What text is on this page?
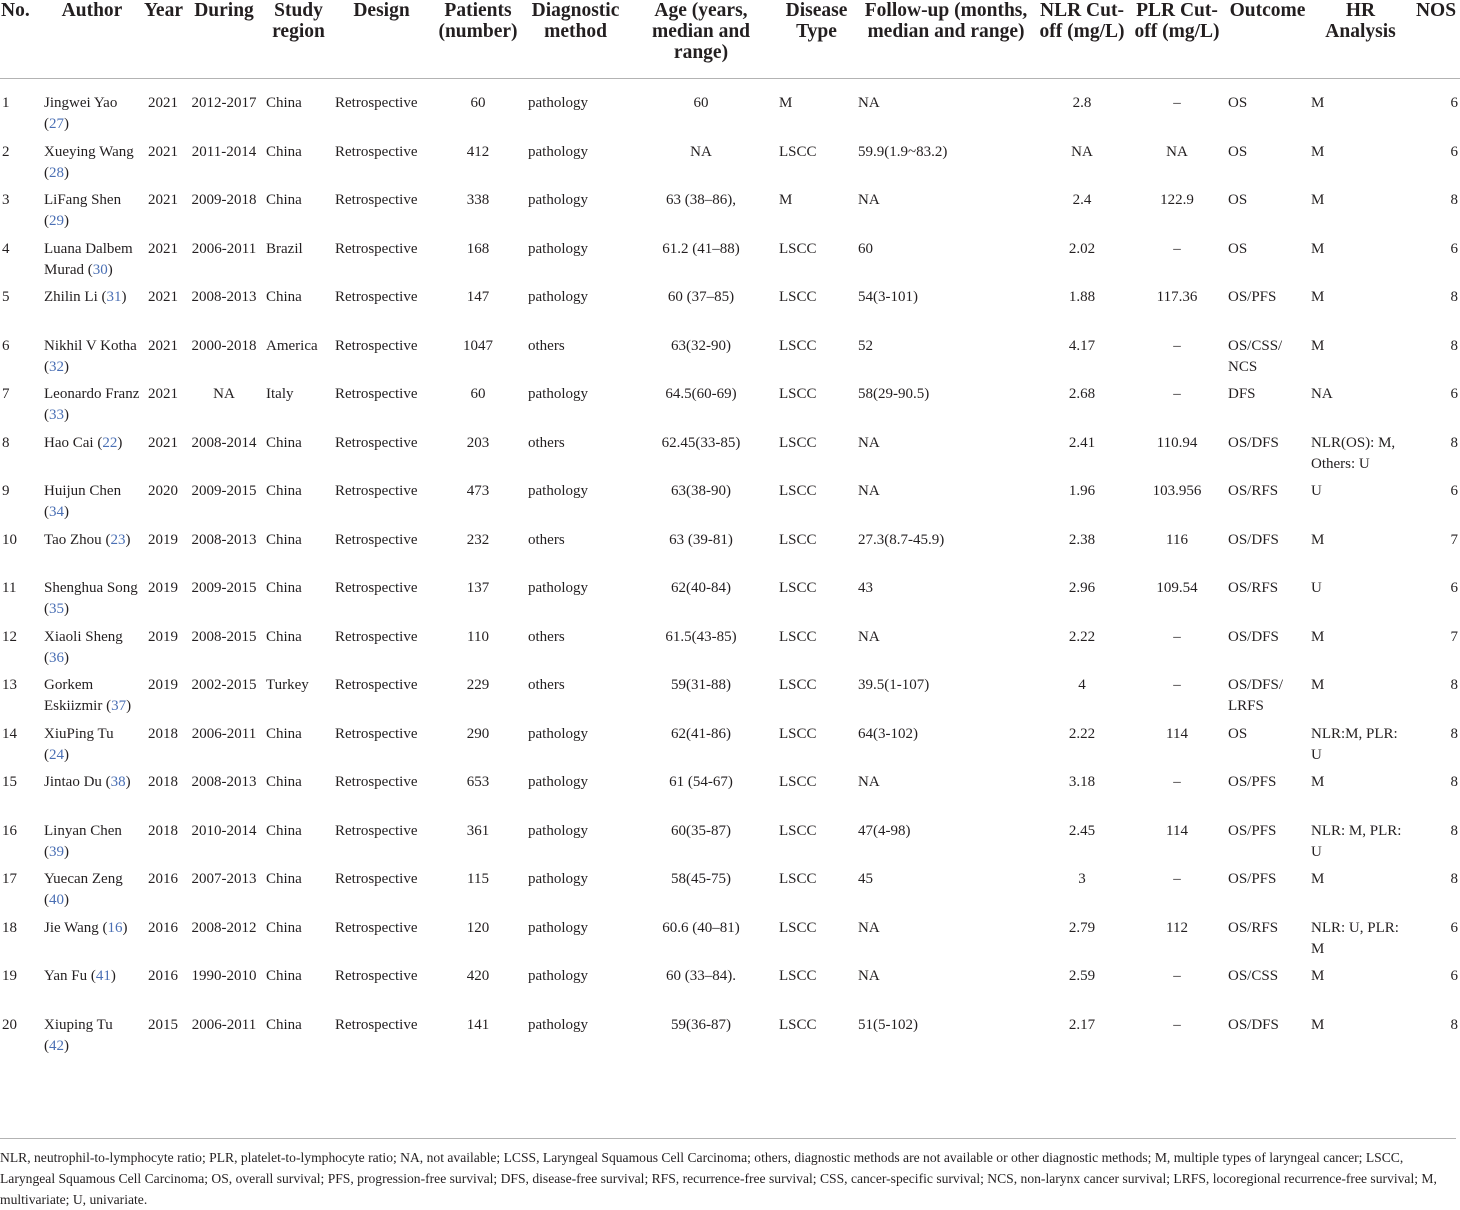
No.	Author	Year	During	Study region	Design	Patients (number)	Diagnostic method	Age (years, median and range)	Disease Type	Follow-up (months, median and range)	NLR Cut-off (mg/L)	PLR Cut-off (mg/L)	Outcome	HR Analysis	NOS
1	Jingwei Yao (27)	2021	2012-2017	China	Retrospective	60	pathology	60	M	NA	2.8	–	OS	M	6
2	Xueying Wang (28)	2021	2011-2014	China	Retrospective	412	pathology	NA	LSCC	59.9(1.9~83.2)	NA	NA	OS	M	6
3	LiFang Shen (29)	2021	2009-2018	China	Retrospective	338	pathology	63 (38–86),	M	NA	2.4	122.9	OS	M	8
4	Luana Dalbem Murad (30)	2021	2006-2011	Brazil	Retrospective	168	pathology	61.2 (41–88)	LSCC	60	2.02	–	OS	M	6
5	Zhilin Li (31)	2021	2008-2013	China	Retrospective	147	pathology	60 (37–85)	LSCC	54(3-101)	1.88	117.36	OS/PFS	M	8
6	Nikhil V Kotha (32)	2021	2000-2018	America	Retrospective	1047	others	63(32-90)	LSCC	52	4.17	–	OS/CSS/ NCS	M	8
7	Leonardo Franz (33)	2021	NA	Italy	Retrospective	60	pathology	64.5(60-69)	LSCC	58(29-90.5)	2.68	–	DFS	NA	6
8	Hao Cai (22)	2021	2008-2014	China	Retrospective	203	others	62.45(33-85)	LSCC	NA	2.41	110.94	OS/DFS	NLR(OS): M, Others: U	8
9	Huijun Chen (34)	2020	2009-2015	China	Retrospective	473	pathology	63(38-90)	LSCC	NA	1.96	103.956	OS/RFS	U	6
10	Tao Zhou (23)	2019	2008-2013	China	Retrospective	232	others	63 (39-81)	LSCC	27.3(8.7-45.9)	2.38	116	OS/DFS	M	7
11	Shenghua Song (35)	2019	2009-2015	China	Retrospective	137	pathology	62(40-84)	LSCC	43	2.96	109.54	OS/RFS	U	6
12	Xiaoli Sheng (36)	2019	2008-2015	China	Retrospective	110	others	61.5(43-85)	LSCC	NA	2.22	–	OS/DFS	M	7
13	Gorkem Eskiizmir (37)	2019	2002-2015	Turkey	Retrospective	229	others	59(31-88)	LSCC	39.5(1-107)	4	–	OS/DFS/ LRFS	M	8
14	XiuPing Tu (24)	2018	2006-2011	China	Retrospective	290	pathology	62(41-86)	LSCC	64(3-102)	2.22	114	OS	NLR:M, PLR: U	8
15	Jintao Du (38)	2018	2008-2013	China	Retrospective	653	pathology	61 (54-67)	LSCC	NA	3.18	–	OS/PFS	M	8
16	Linyan Chen (39)	2018	2010-2014	China	Retrospective	361	pathology	60(35-87)	LSCC	47(4-98)	2.45	114	OS/PFS	NLR: M, PLR: U	8
17	Yuecan Zeng (40)	2016	2007-2013	China	Retrospective	115	pathology	58(45-75)	LSCC	45	3	–	OS/PFS	M	8
18	Jie Wang (16)	2016	2008-2012	China	Retrospective	120	pathology	60.6 (40–81)	LSCC	NA	2.79	112	OS/RFS	NLR: U, PLR: M	6
19	Yan Fu (41)	2016	1990-2010	China	Retrospective	420	pathology	60 (33–84).	LSCC	NA	2.59	–	OS/CSS	M	6
20	Xiuping Tu (42)	2015	2006-2011	China	Retrospective	141	pathology	59(36-87)	LSCC	51(5-102)	2.17	–	OS/DFS	M	8
NLR, neutrophil-to-lymphocyte ratio; PLR, platelet-to-lymphocyte ratio; NA, not available; LCSS, Laryngeal Squamous Cell Carcinoma; others, diagnostic methods are not available or other diagnostic methods; M, multiple types of laryngeal cancer; LSCC, Laryngeal Squamous Cell Carcinoma; OS, overall survival; PFS, progression-free survival; DFS, disease-free survival; RFS, recurrence-free survival; CSS, cancer-specific survival; NCS, non-larynx cancer survival; LRFS, locoregional recurrence-free survival; M, multivariate; U, univariate.
